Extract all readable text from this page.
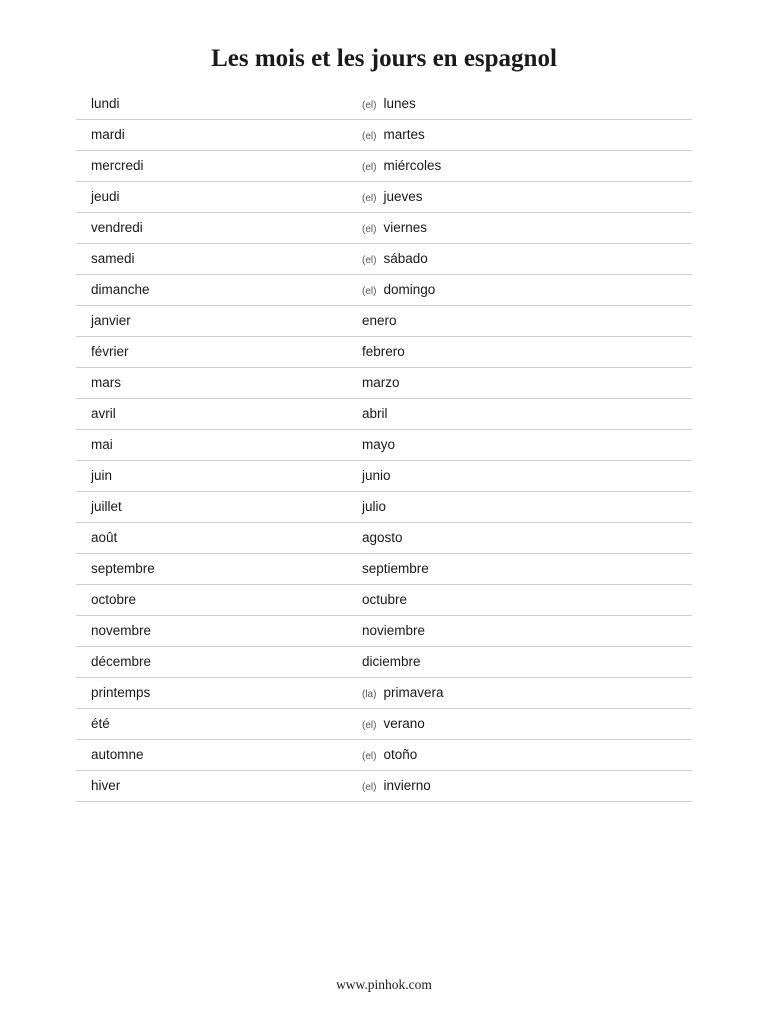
Les mois et les jours en espagnol
lundi	(el) lunes
mardi	(el) martes
mercredi	(el) miércoles
jeudi	(el) jueves
vendredi	(el) viernes
samedi	(el) sábado
dimanche	(el) domingo
janvier	enero
février	febrero
mars	marzo
avril	abril
mai	mayo
juin	junio
juillet	julio
août	agosto
septembre	septiembre
octobre	octubre
novembre	noviembre
décembre	diciembre
printemps	(la) primavera
été	(el) verano
automne	(el) otoño
hiver	(el) invierno
www.pinhok.com
